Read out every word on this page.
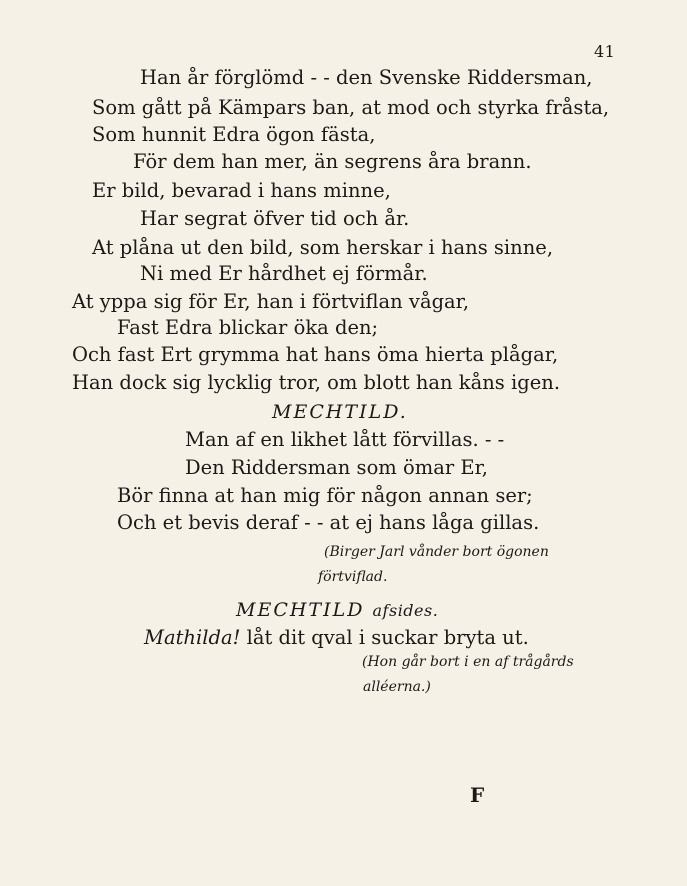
41
Han år förglömd - - den Svenske Riddersman,
Som gått på Kämpars ban, at mod och styrka fråsta,
Som hunnit Edra ögon fästa,
För dem han mer, än segrens åra brann.
Er bild, bevarad i hans minne,
Har segrat öfver tid och år.
At plåna ut den bild, som herskar i hans sinne,
Ni med Er hårdhet ej förmår.
At yppa sig för Er, han i förtviflan vågar,
Fast Edra blickar öka den;
Och fast Ert grymma hat hans öma hierta plågar,
Han dock sig lycklig tror, om blott han kåns igen.
MECHTILD.
Man af en likhet lått förvillas. - -
Den Riddersman som ömar Er,
Bör finna at han mig för någon annan ser;
Och et bevis deraf - - at ej hans låga gillas.
(Birger Jarl vånder bort ögonen
förtviflad.
MECHTILD afsides.
Mathilda! låt dit qval i suckar bryta ut.
(Hon går bort i en af trågårds
alléerna.)
F
